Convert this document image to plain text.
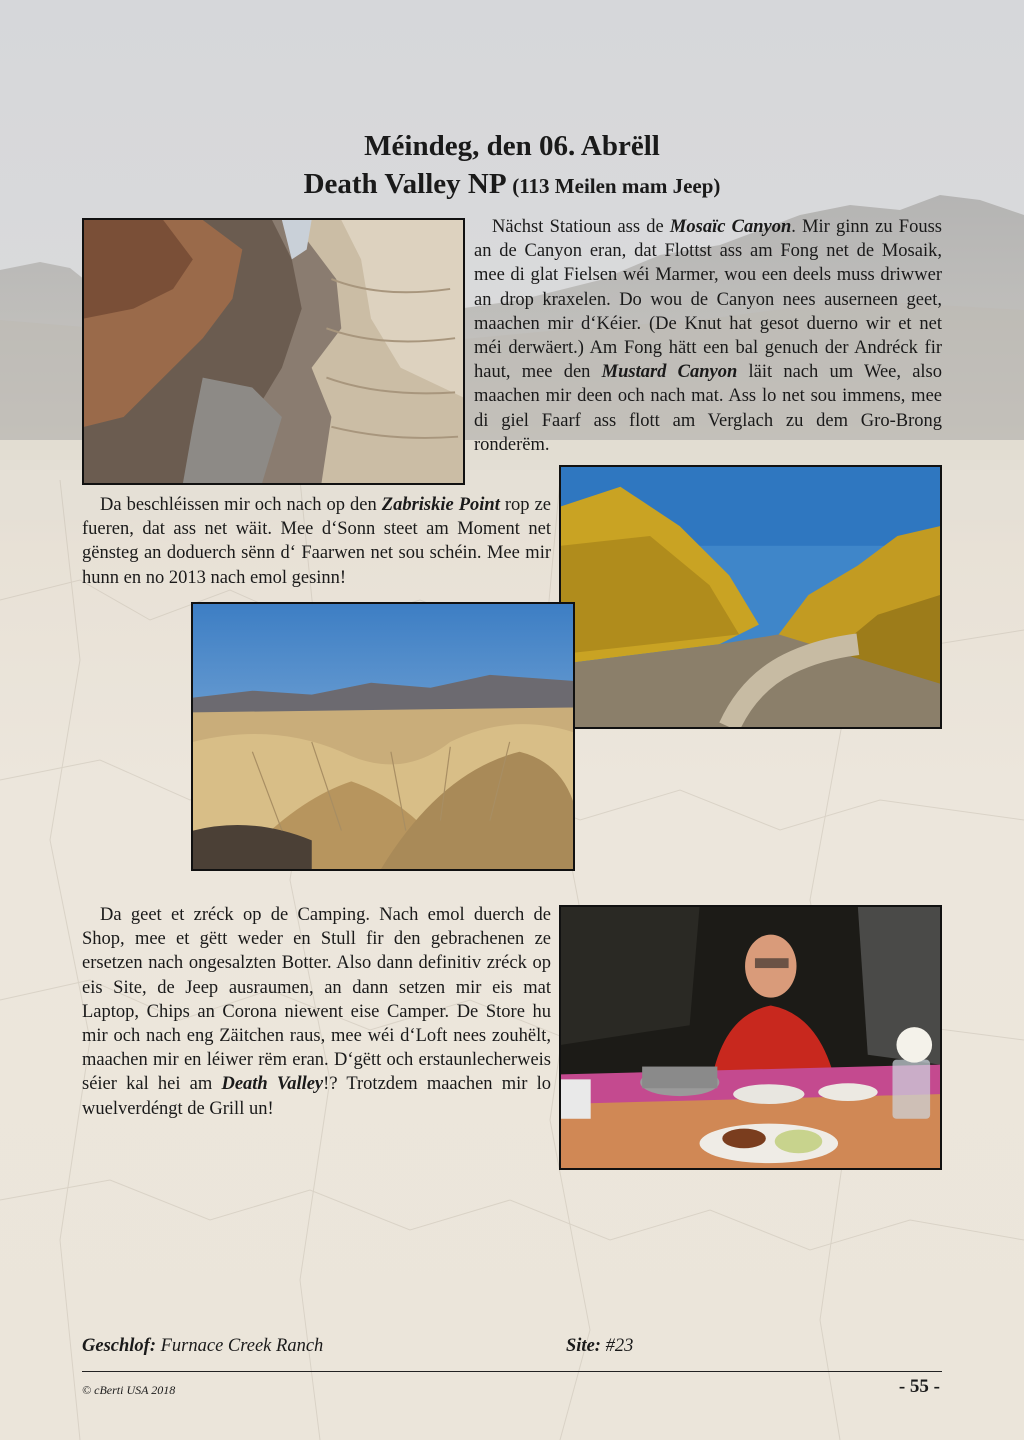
Méindeg, den 06. Abrëll
Death Valley NP (113 Meilen mam Jeep)

Nächst Statioun ass de Mosaïc Canyon. Mir ginn zu Fouss an de Canyon eran, dat Flottst ass am Fong net de Mosaik, mee di glat Fielsen wéi Marmer, wou een deels muss driwwer an drop kraxelen. Do wou de Canyon nees auserneen geet, maachen mir d‘Kéier. (De Knut hat gesot duerno wir et net méi derwäert.) Am Fong hätt een bal genuch der Andréck fir haut, mee den Mustard Canyon läit nach um Wee, also maachen mir deen och nach mat. Ass lo net sou immens, mee di giel Faarf ass flott am Verglach zu dem Gro-Brong ronderëm.

Da beschléissen mir och nach op den Zabriskie Point rop ze fueren, dat ass net wäit. Mee d‘Sonn steet am Moment net gënsteg an doduerch sënn d‘ Faarwen net sou schéin. Mee mir hunn en no 2013 nach emol gesinn!

Da geet et zréck op de Camping. Nach emol duerch de Shop, mee et gëtt weder en Stull fir den gebrachenen ze ersetzen nach ongesalzten Botter. Also dann definitiv zréck op eis Site, de Jeep ausraumen, an dann setzen mir eis mat Laptop, Chips an Corona niewent eise Camper. De Store hu mir och nach eng Zäitchen raus, mee wéi d‘Loft nees zouhëlt, maachen mir en léiwer rëm eran. D‘gëtt och erstaunlecherweis séier kal hei am Death Valley!? Trotzdem maachen mir lo wuelverdéngt de Grill un!

Geschlof: Furnace Creek Ranch	Site: #23
© cBerti USA 2018	- 55 -
